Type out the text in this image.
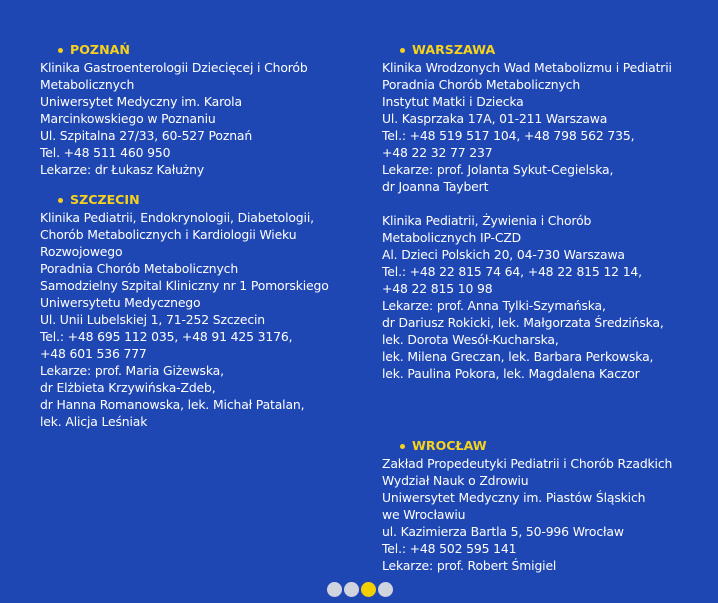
POZNAŃ
Klinika Gastroenterologii Dziecięcej i Chorób
Metabolicznych
Uniwersytet Medyczny im. Karola
Marcinkowskiego w Poznaniu
Ul. Szpitalna 27/33, 60-527 Poznań
Tel. +48 511 460 950
Lekarze: dr Łukasz Kałużny
SZCZECIN
Klinika Pediatrii, Endokrynologii, Diabetologii,
Chorób Metabolicznych i Kardiologii Wieku
Rozwojowego
Poradnia Chorób Metabolicznych
Samodzielny Szpital Kliniczny nr 1 Pomorskiego
Uniwersytetu Medycznego
Ul. Unii Lubelskiej 1, 71-252 Szczecin
Tel.: +48 695 112 035, +48 91 425 3176,
+48 601 536 777
Lekarze: prof. Maria Giżewska,
dr Elżbieta Krzywińska-Zdeb,
dr Hanna Romanowska, lek. Michał Patalan,
lek. Alicja Leśniak
WARSZAWA
Klinika Wrodzonych Wad Metabolizmu i Pediatrii
Poradnia Chorób Metabolicznych
Instytut Matki i Dziecka
Ul. Kasprzaka 17A, 01-211 Warszawa
Tel.: +48 519 517 104, +48 798 562 735,
+48 22 32 77 237
Lekarze: prof. Jolanta Sykut-Cegielska,
dr Joanna Taybert
Klinika Pediatrii, Żywienia i Chorób
Metabolicznych IP-CZD
Al. Dzieci Polskich 20, 04-730 Warszawa
Tel.: +48 22 815 74 64, +48 22 815 12 14,
+48 22 815 10 98
Lekarze: prof. Anna Tylki-Szymańska,
dr Dariusz Rokicki, lek. Małgorzata Średzińska,
lek. Dorota Wesół-Kucharska,
lek. Milena Greczan, lek. Barbara Perkowska,
lek. Paulina Pokora, lek. Magdalena Kaczor
WROCŁAW
Zakład Propedeutyki Pediatrii i Chorób Rzadkich
Wydział Nauk o Zdrowiu
Uniwersytet Medyczny im. Piastów Śląskich
we Wrocławiu
ul. Kazimierza Bartla 5, 50-996 Wrocław
Tel.: +48 502 595 141
Lekarze: prof. Robert Śmigiel
